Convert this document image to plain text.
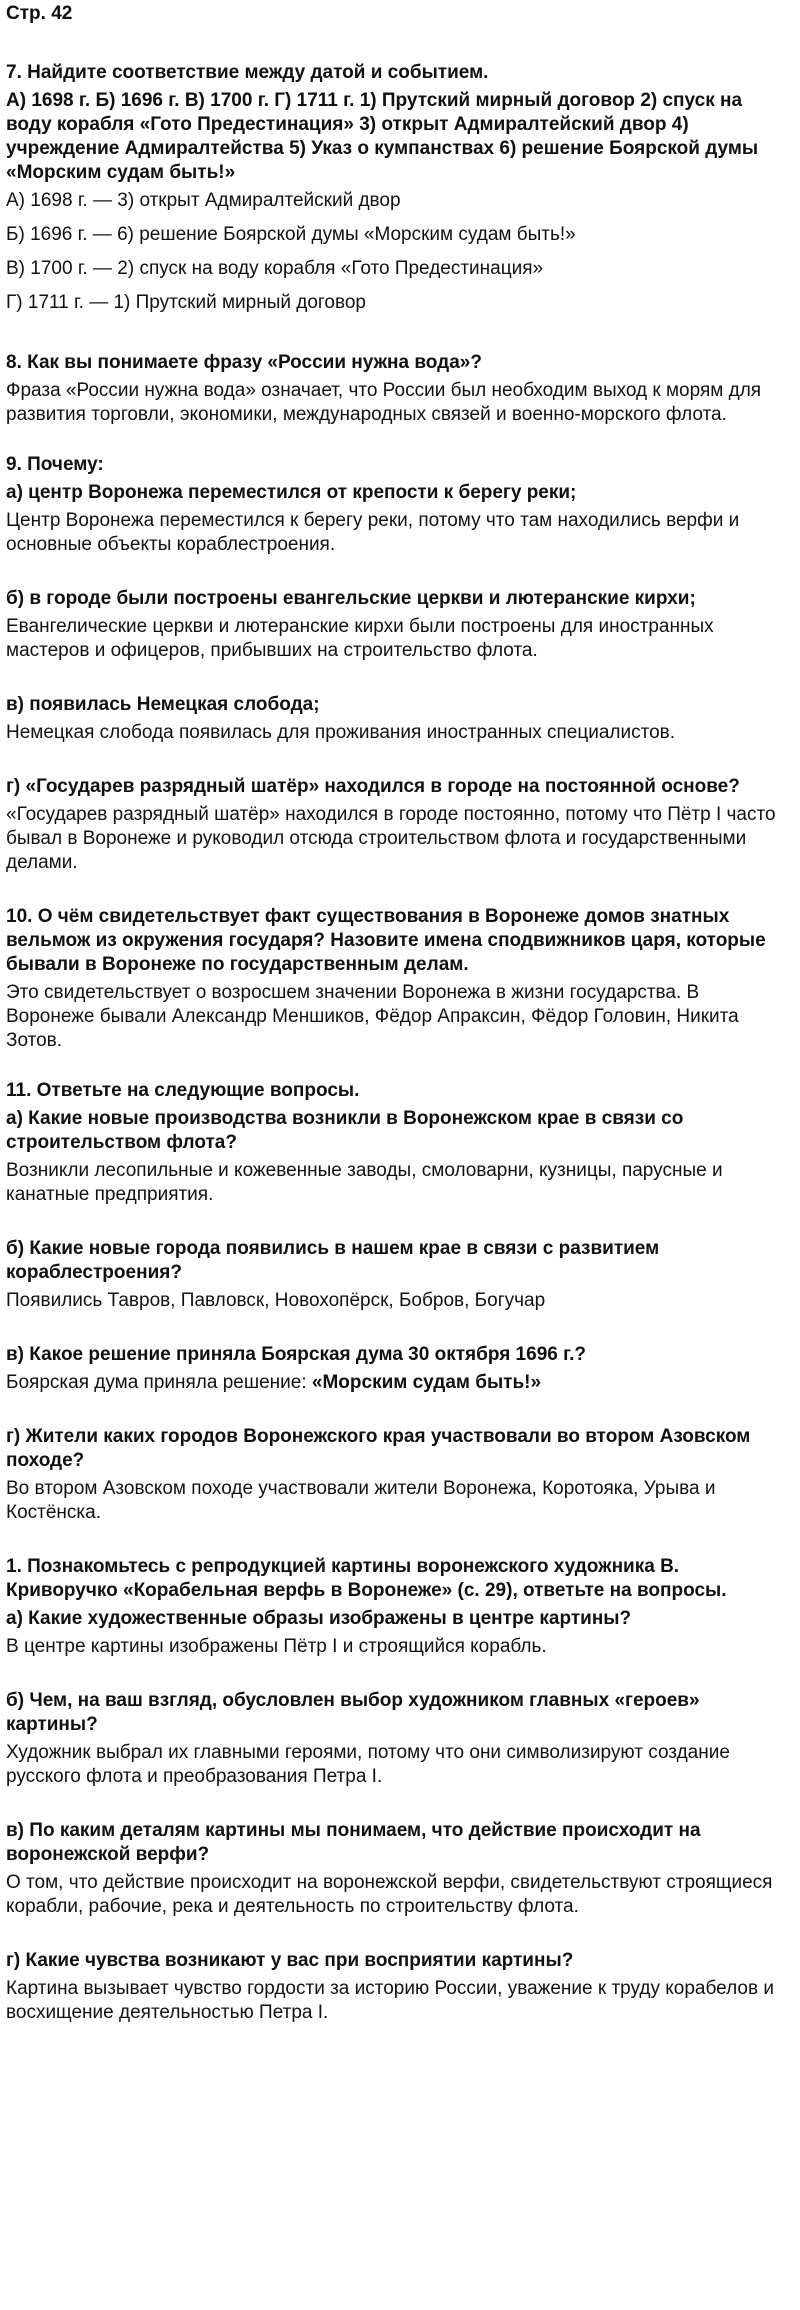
Стр. 42

7. Найдите соответствие между датой и событием.

А) 1698 г. Б) 1696 г. В) 1700 г. Г) 1711 г. 1) Прутский мирный договор 2) спуск на воду корабля «Гото Предестинация» 3) открыт Адмиралтейский двор 4) учреждение Адмиралтейства 5) Указ о кумпанствах 6) решение Боярской думы «Морским судам быть!»

А) 1698 г. — 3) открыт Адмиралтейский двор

Б) 1696 г. — 6) решение Боярской думы «Морским судам быть!»

В) 1700 г. — 2) спуск на воду корабля «Гото Предестинация»

Г) 1711 г. — 1) Прутский мирный договор

8. Как вы понимаете фразу «России нужна вода»?

Фраза «России нужна вода» означает, что России был необходим выход к морям для развития торговли, экономики, международных связей и военно-морского флота.

9. Почему:

а) центр Воронежа переместился от крепости к берегу реки;

Центр Воронежа переместился к берегу реки, потому что там находились верфи и основные объекты кораблестроения.

б) в городе были построены евангельские церкви и лютеранские кирхи;

Евангелические церкви и лютеранские кирхи были построены для иностранных мастеров и офицеров, прибывших на строительство флота.

в) появилась Немецкая слобода;

Немецкая слобода появилась для проживания иностранных специалистов.

г) «Государев разрядный шатёр» находился в городе на постоянной основе?

«Государев разрядный шатёр» находился в городе постоянно, потому что Пётр I часто бывал в Воронеже и руководил отсюда строительством флота и государственными делами.

10. О чём свидетельствует факт существования в Воронеже домов знатных вельмож из окружения государя? Назовите имена сподвижников царя, которые бывали в Воронеже по государственным делам.

Это свидетельствует о возросшем значении Воронежа в жизни государства. В Воронеже бывали Александр Меншиков, Фёдор Апраксин, Фёдор Головин, Никита Зотов.

11. Ответьте на следующие вопросы.

а) Какие новые производства возникли в Воронежском крае в связи со строительством флота?

Возникли лесопильные и кожевенные заводы, смоловарни, кузницы, парусные и канатные предприятия.

б) Какие новые города появились в нашем крае в связи с развитием кораблестроения?

Появились Тавров, Павловск, Новохопёрск, Бобров, Богучар

в) Какое решение приняла Боярская дума 30 октября 1696 г.?

Боярская дума приняла решение: «Морским судам быть!»

г) Жители каких городов Воронежского края участвовали во втором Азовском походе?

Во втором Азовском походе участвовали жители Воронежа, Коротояка, Урыва и Костёнска.

1. Познакомьтесь с репродукцией картины воронежского художника В. Криворучко «Корабельная верфь в Воронеже» (с. 29), ответьте на вопросы.

а) Какие художественные образы изображены в центре картины?

В центре картины изображены Пётр I и строящийся корабль.

б) Чем, на ваш взгляд, обусловлен выбор художником главных «героев» картины?

Художник выбрал их главными героями, потому что они символизируют создание русского флота и преобразования Петра I.

в) По каким деталям картины мы понимаем, что действие происходит на воронежской верфи?

О том, что действие происходит на воронежской верфи, свидетельствуют строящиеся корабли, рабочие, река и деятельность по строительству флота.

г) Какие чувства возникают у вас при восприятии картины?

Картина вызывает чувство гордости за историю России, уважение к труду корабелов и восхищение деятельностью Петра I.
